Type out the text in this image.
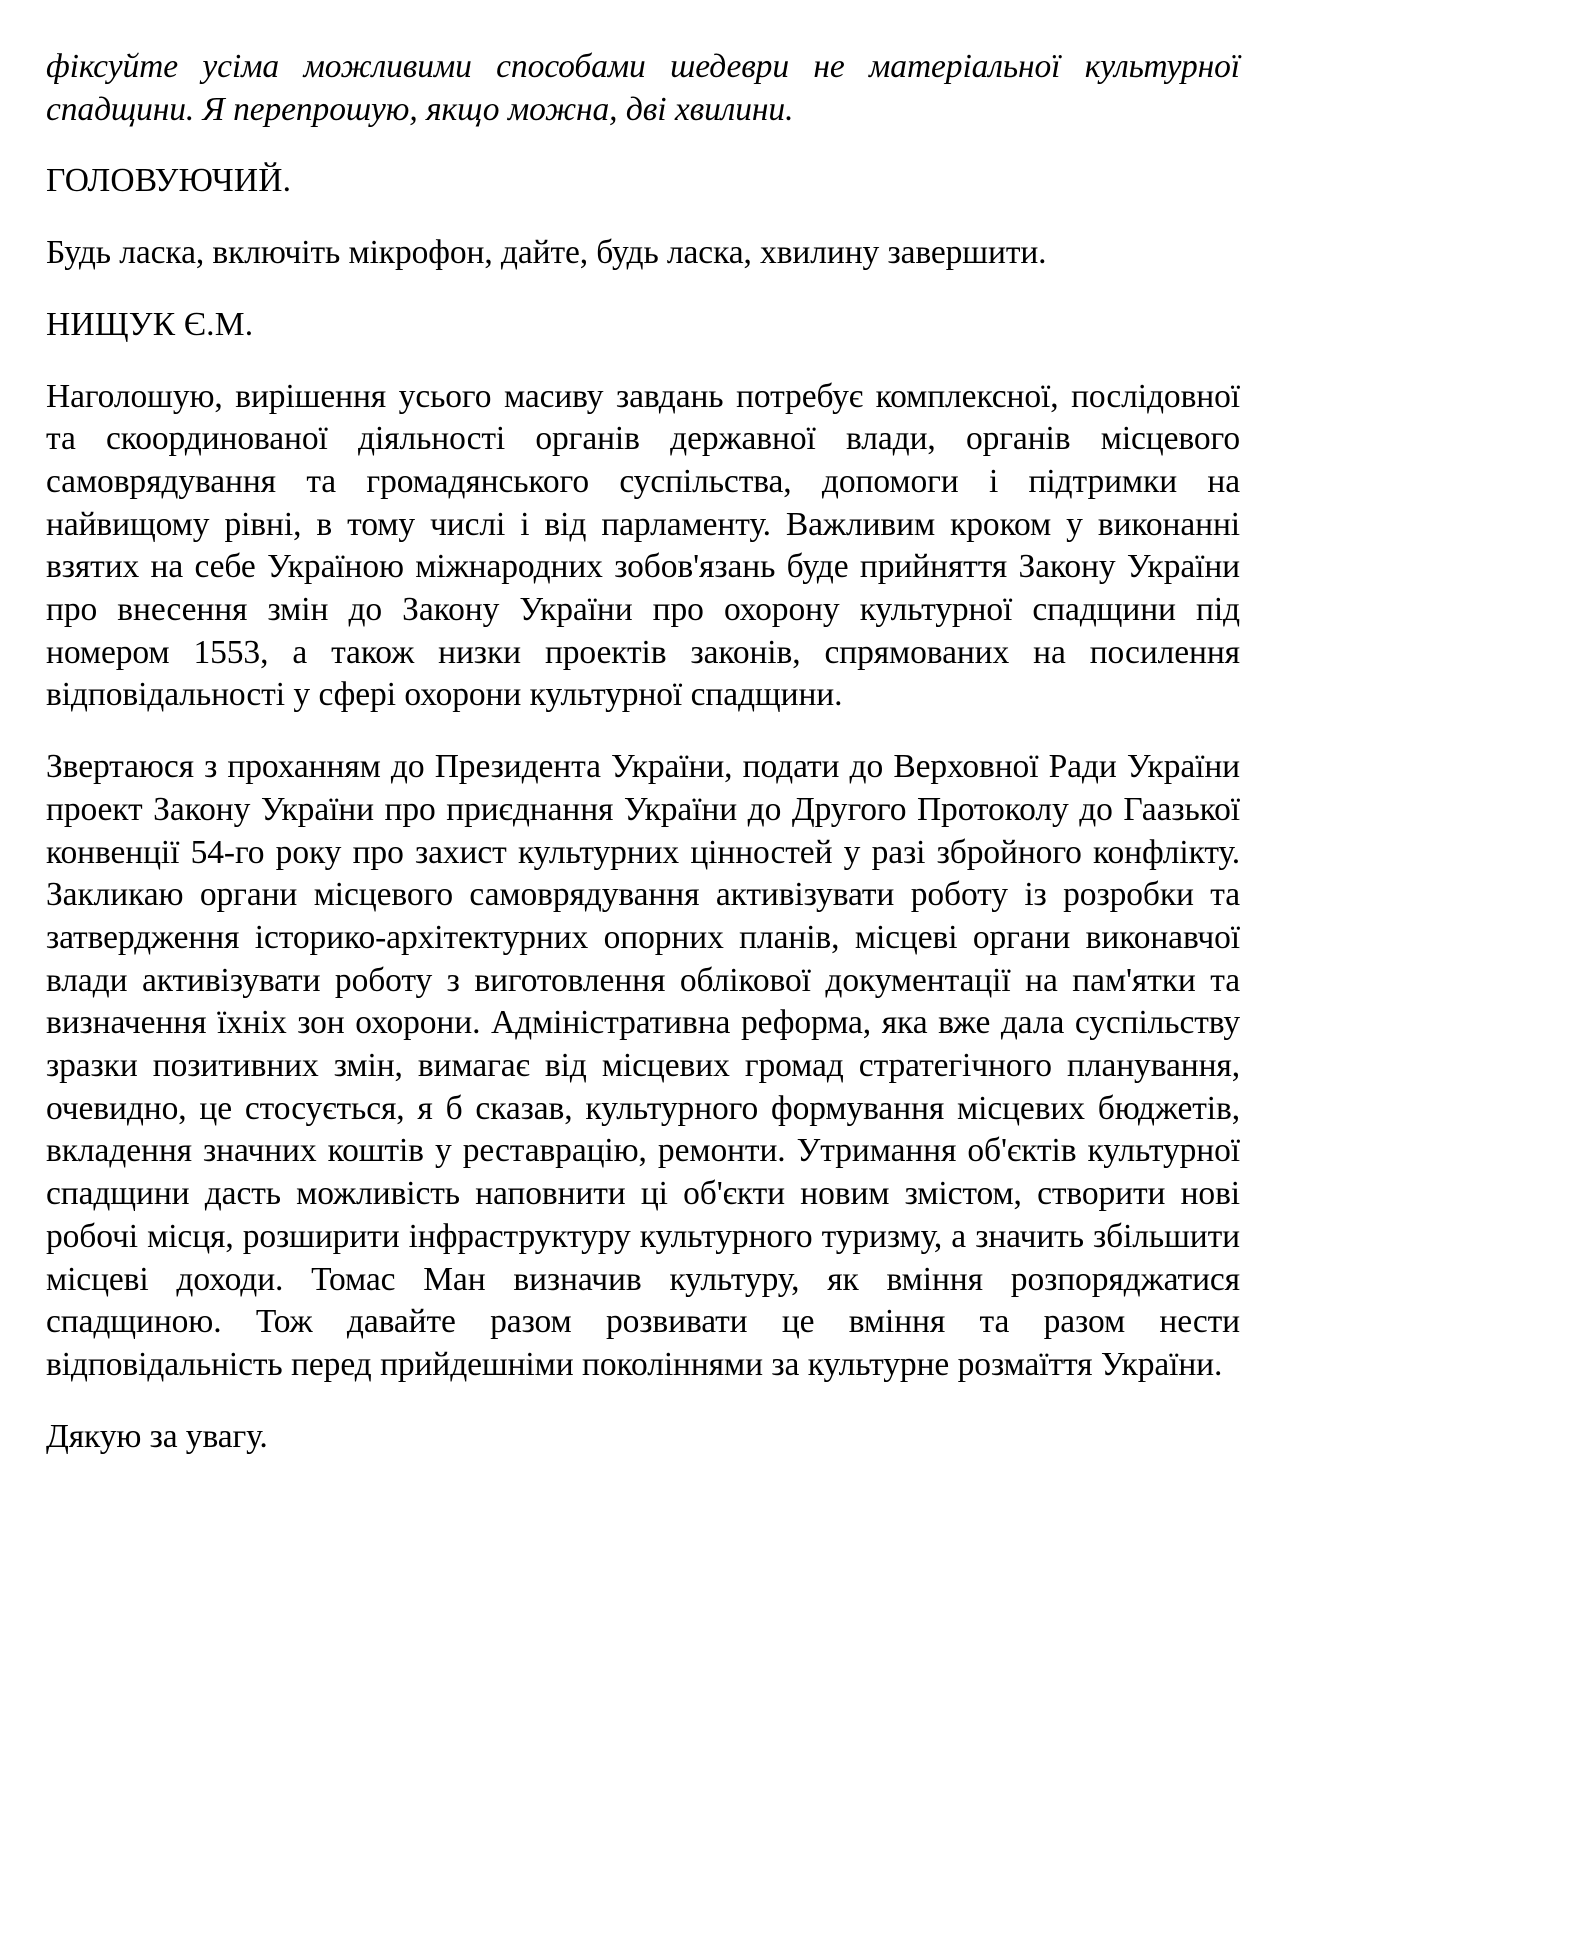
фіксуйте усіма можливими способами шедеври не матеріальної культурної спадщини. Я перепрошую, якщо можна, дві хвилини.

ГОЛОВУЮЧИЙ.

Будь ласка, включіть мікрофон, дайте, будь ласка, хвилину завершити.

НИЩУК Є.М.

Наголошую, вирішення усього масиву завдань потребує комплексної, послідовної та скоординованої діяльності органів державної влади, органів місцевого самоврядування та громадянського суспільства, допомоги і підтримки на найвищому рівні, в тому числі і від парламенту. Важливим кроком у виконанні взятих на себе Україною міжнародних зобов'язань буде прийняття Закону України про внесення змін до Закону України про охорону культурної спадщини під номером 1553, а також низки проектів законів, спрямованих на посилення відповідальності у сфері охорони культурної спадщини.

Звертаюся з проханням до Президента України, подати до Верховної Ради України проект Закону України про приєднання України до Другого Протоколу до Гаазької конвенції 54-го року про захист культурних цінностей у разі збройного конфлікту. Закликаю органи місцевого самоврядування активізувати роботу із розробки та затвердження історико-архітектурних опорних планів, місцеві органи виконавчої влади активізувати роботу з виготовлення облікової документації на пам'ятки та визначення їхніх зон охорони. Адміністративна реформа, яка вже дала суспільству зразки позитивних змін, вимагає від місцевих громад стратегічного планування, очевидно, це стосується, я б сказав, культурного формування місцевих бюджетів, вкладення значних коштів у реставрацію, ремонти. Утримання об'єктів культурної спадщини дасть можливість наповнити ці об'єкти новим змістом, створити нові робочі місця, розширити інфраструктуру культурного туризму, а значить збільшити місцеві доходи. Томас Ман визначив культуру, як вміння розпоряджатися спадщиною. Тож давайте разом розвивати це вміння та разом нести відповідальність перед прийдешніми поколіннями за культурне розмаїття України.

Дякую за увагу.
